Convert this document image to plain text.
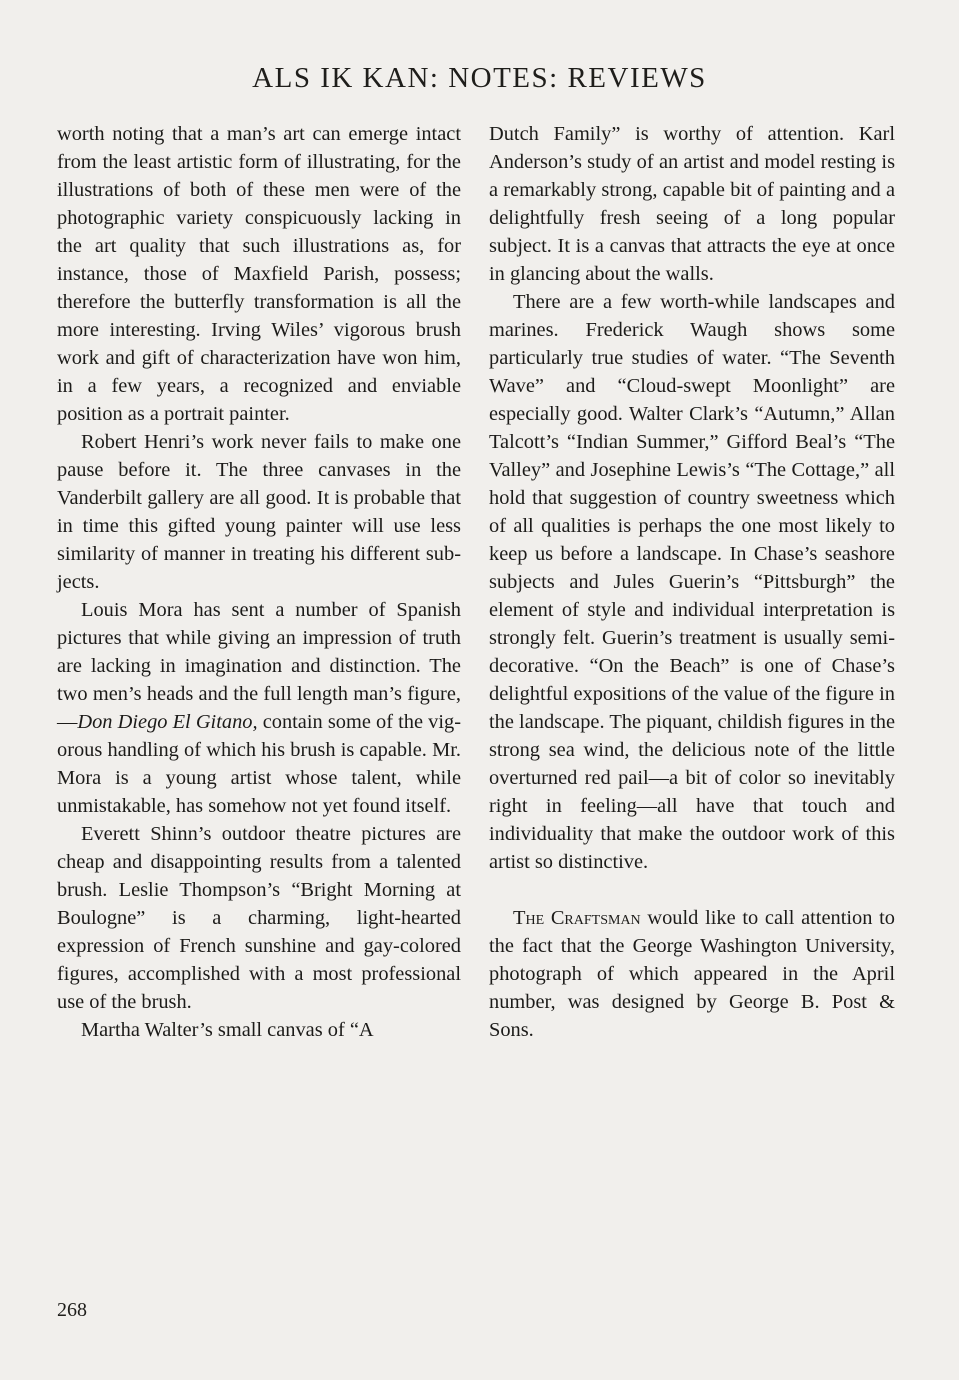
ALS IK KAN: NOTES: REVIEWS

worth noting that a man’s art can emerge intact from the least artistic form of illustrating, for the illustrations of both of these men were of the photographic variety conspicuously lacking in the art quality that such illustrations as, for instance, those of Maxfield Parish, possess; therefore the butterfly transformation is all the more interesting. Irving Wiles’ vigorous brush work and gift of characterization have won him, in a few years, a recognized and enviable position as a portrait painter.

Robert Henri’s work never fails to make one pause before it. The three canvases in the Vanderbilt gallery are all good. It is probable that in time this gifted young painter will use less similarity of manner in treating his different subjects.

Louis Mora has sent a number of Spanish pictures that while giving an impression of truth are lacking in imagination and distinction. The two men’s heads and the full length man’s figure,—Don Diego El Gitano, contain some of the vigorous handling of which his brush is capable. Mr. Mora is a young artist whose talent, while unmistakable, has somehow not yet found itself.

Everett Shinn’s outdoor theatre pictures are cheap and disappointing results from a talented brush. Leslie Thompson’s “Bright Morning at Boulogne” is a charming, light-hearted expression of French sunshine and gay-colored figures, accomplished with a most professional use of the brush.

Martha Walter’s small canvas of “A

Dutch Family” is worthy of attention. Karl Anderson’s study of an artist and model resting is a remarkably strong, capable bit of painting and a delightfully fresh seeing of a long popular subject. It is a canvas that attracts the eye at once in glancing about the walls.

There are a few worth-while landscapes and marines. Frederick Waugh shows some particularly true studies of water. “The Seventh Wave” and “Cloud-swept Moonlight” are especially good. Walter Clark’s “Autumn,” Allan Talcott’s “Indian Summer,” Gifford Beal’s “The Valley” and Josephine Lewis’s “The Cottage,” all hold that suggestion of country sweetness which of all qualities is perhaps the one most likely to keep us before a landscape. In Chase’s seashore subjects and Jules Guerin’s “Pittsburgh” the element of style and individual interpretation is strongly felt. Guerin’s treatment is usually semi-decorative. “On the Beach” is one of Chase’s delightful expositions of the value of the figure in the landscape. The piquant, childish figures in the strong sea wind, the delicious note of the little overturned red pail—a bit of color so inevitably right in feeling—all have that touch and individuality that make the outdoor work of this artist so distinctive.

The Craftsman would like to call attention to the fact that the George Washington University, photograph of which appeared in the April number, was designed by George B. Post & Sons.

268
